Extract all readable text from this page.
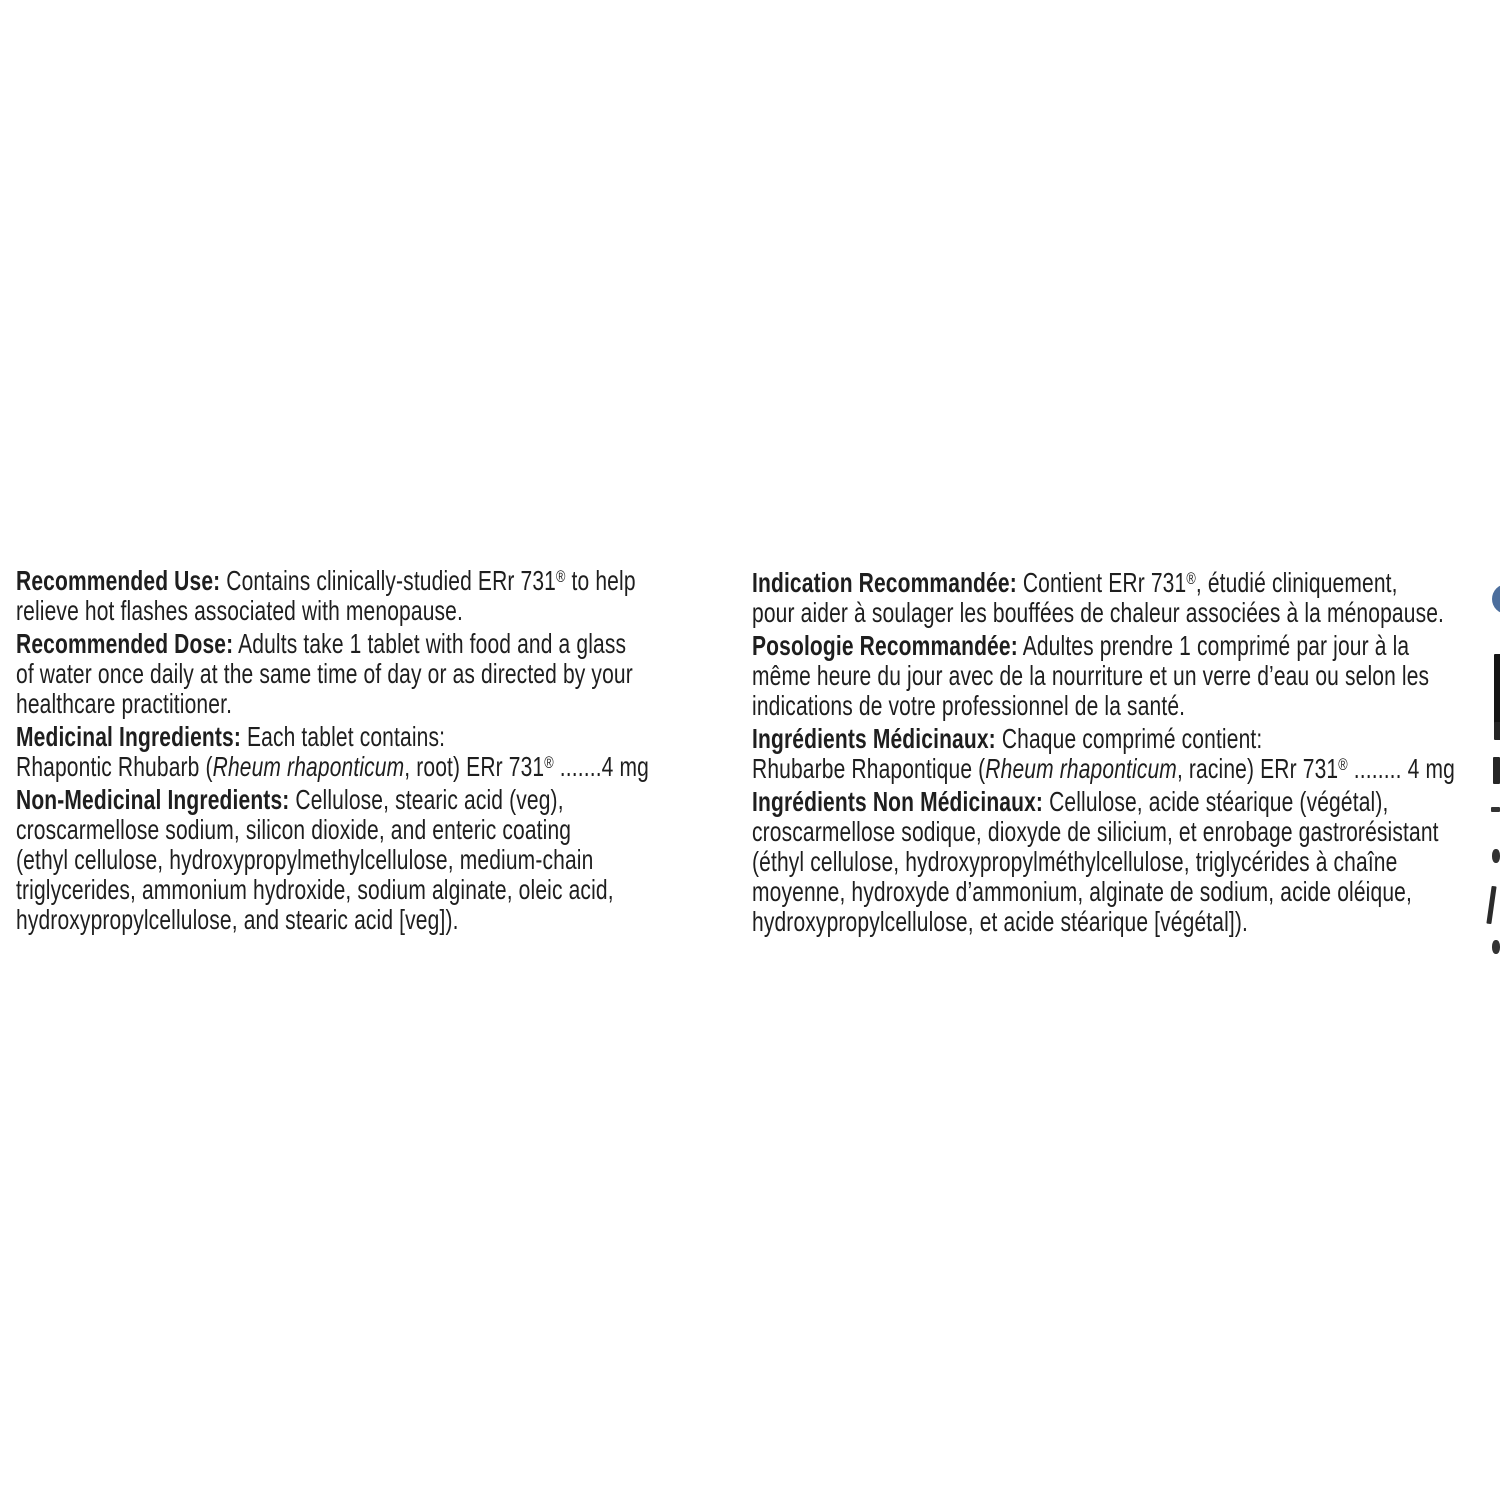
Recommended Use: Contains clinically-studied ERr 731® to help
relieve hot flashes associated with menopause.
Recommended Dose: Adults take 1 tablet with food and a glass
of water once daily at the same time of day or as directed by your
healthcare practitioner.
Medicinal Ingredients: Each tablet contains:
Rhapontic Rhubarb (Rheum rhaponticum, root) ERr 731® .......4 mg
Non-Medicinal Ingredients: Cellulose, stearic acid (veg),
croscarmellose sodium, silicon dioxide, and enteric coating
(ethyl cellulose, hydroxypropylmethylcellulose, medium-chain
triglycerides, ammonium hydroxide, sodium alginate, oleic acid,
hydroxypropylcellulose, and stearic acid [veg]).
Indication Recommandée: Contient ERr 731®, étudié cliniquement,
pour aider à soulager les bouffées de chaleur associées à la ménopause.
Posologie Recommandée: Adultes prendre 1 comprimé par jour à la
même heure du jour avec de la nourriture et un verre d’eau ou selon les
indications de votre professionnel de la santé.
Ingrédients Médicinaux: Chaque comprimé contient:
Rhubarbe Rhapontique (Rheum rhaponticum, racine) ERr 731® ........ 4 mg
Ingrédients Non Médicinaux: Cellulose, acide stéarique (végétal),
croscarmellose sodique, dioxyde de silicium, et enrobage gastrorésistant
(éthyl cellulose, hydroxypropylméthylcellulose, triglycérides à chaîne
moyenne, hydroxyde d’ammonium, alginate de sodium, acide oléique,
hydroxypropylcellulose, et acide stéarique [végétal]).
